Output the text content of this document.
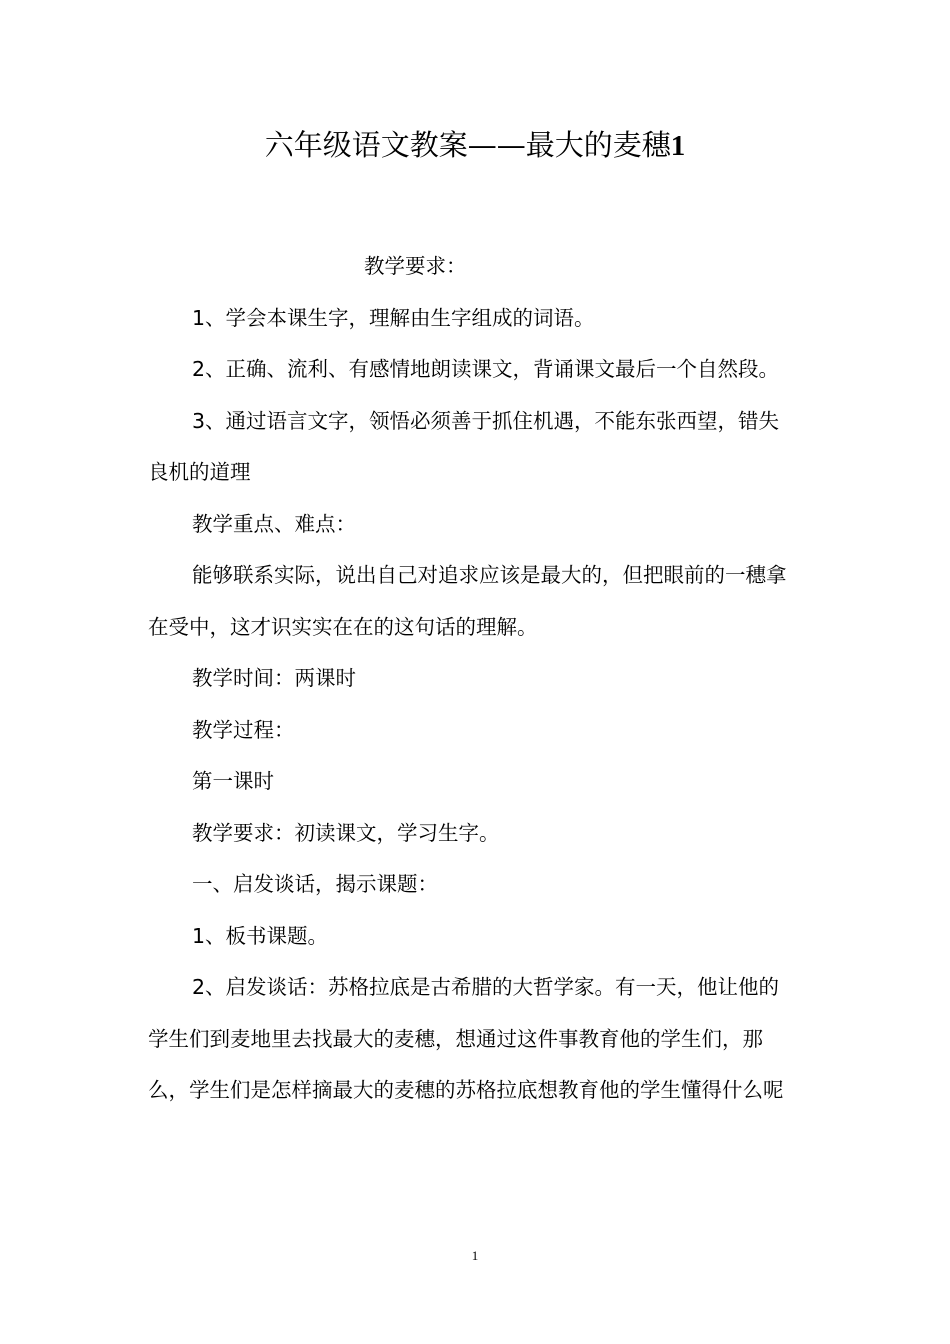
六年级语文教案——最大的麦穗1

教学要求：

1、学会本课生字，理解由生字组成的词语。

2、正确、流利、有感情地朗读课文，背诵课文最后一个自然段。

3、通过语言文字，领悟必须善于抓住机遇，不能东张西望，错失良机的道理

教学重点、难点：

能够联系实际，说出自己对追求应该是最大的，但把眼前的一穗拿在受中，这才识实实在在的这句话的理解。

教学时间：两课时

教学过程：

第一课时

教学要求：初读课文，学习生字。

一、启发谈话，揭示课题：

1、板书课题。

2、启发谈话：苏格拉底是古希腊的大哲学家。有一天，他让他的学生们到麦地里去找最大的麦穗，想通过这件事教育他的学生们，那么，学生们是怎样摘最大的麦穗的苏格拉底想教育他的学生懂得什么呢

1
